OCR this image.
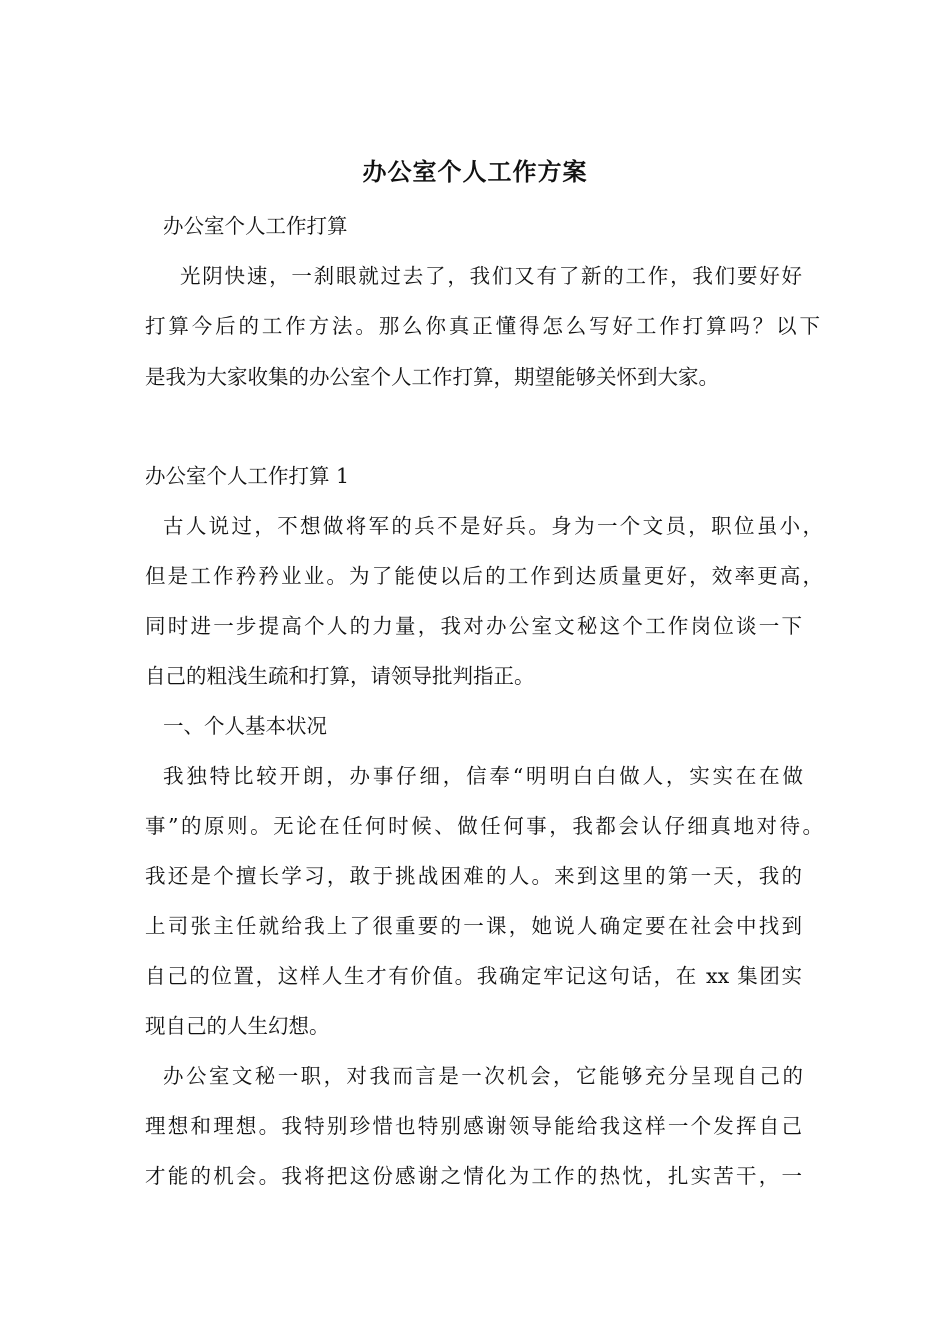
办公室个人工作方案

办公室个人工作打算

光阴快速，一刹眼就过去了，我们又有了新的工作，我们要好好

打算今后的工作方法。那么你真正懂得怎么写好工作打算吗？以下

是我为大家收集的办公室个人工作打算，期望能够关怀到大家。

办公室个人工作打算 1

古人说过，不想做将军的兵不是好兵。身为一个文员，职位虽小，

但是工作矜矜业业。为了能使以后的工作到达质量更好，效率更高，

同时进一步提高个人的力量，我对办公室文秘这个工作岗位谈一下

自己的粗浅生疏和打算，请领导批判指正。

一、个人基本状况

我独特比较开朗，办事仔细，信奉“明明白白做人，实实在在做

事”的原则。无论在任何时候、做任何事，我都会认仔细真地对待。

我还是个擅长学习，敢于挑战困难的人。来到这里的第一天，我的

上司张主任就给我上了很重要的一课，她说人确定要在社会中找到

自己的位置，这样人生才有价值。我确定牢记这句话，在 xx 集团实

现自己的人生幻想。

办公室文秘一职，对我而言是一次机会，它能够充分呈现自己的

理想和理想。我特别珍惜也特别感谢领导能给我这样一个发挥自己

才能的机会。我将把这份感谢之情化为工作的热忱，扎实苦干，一
